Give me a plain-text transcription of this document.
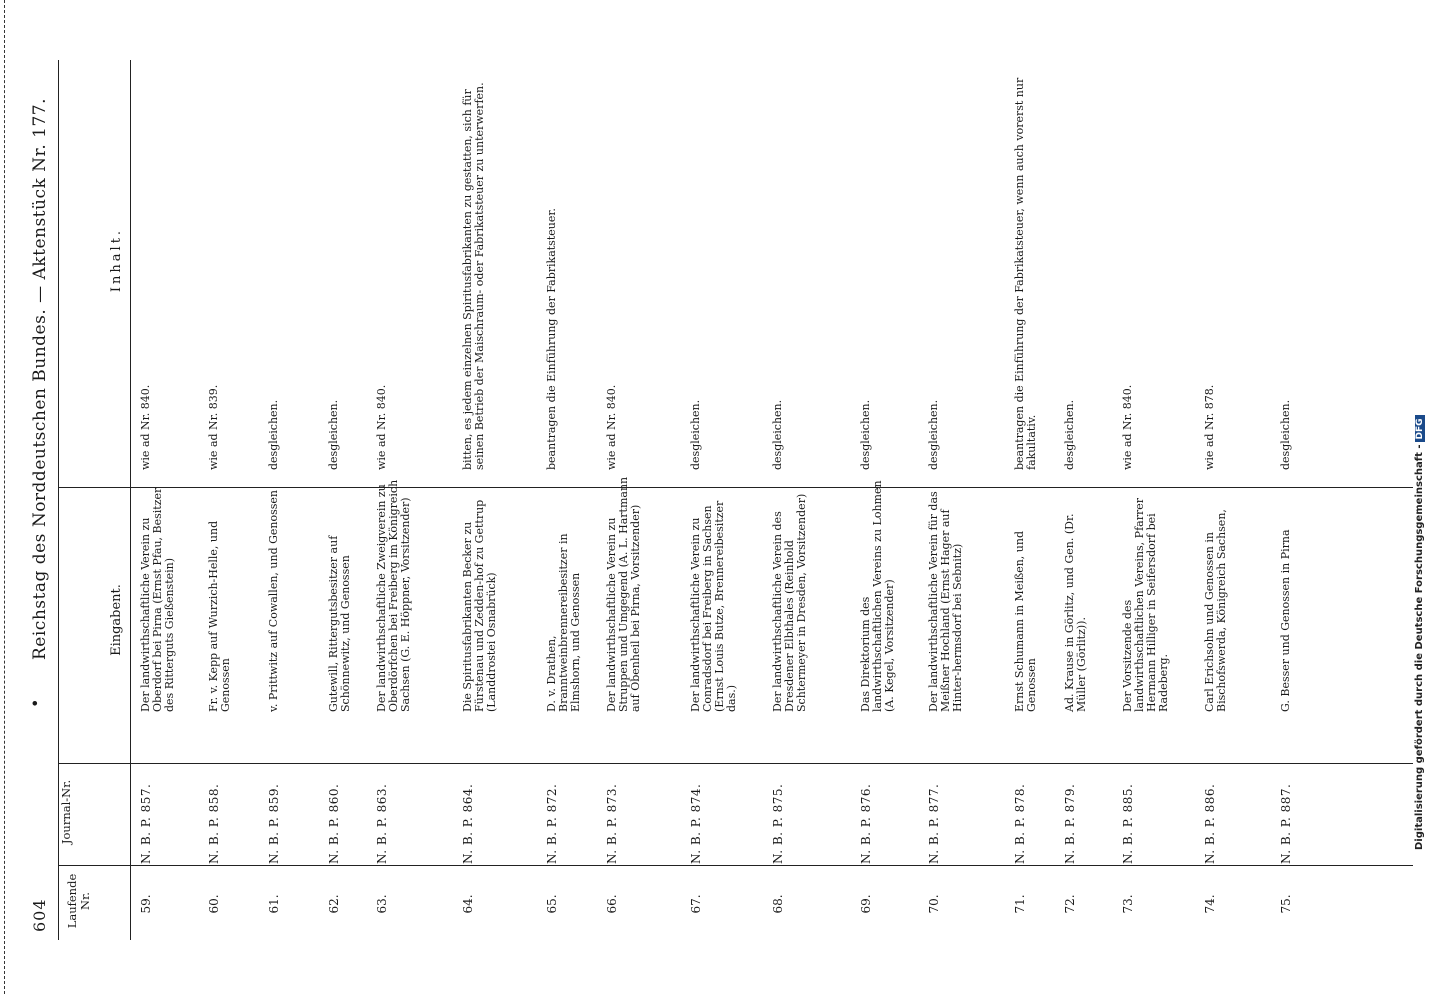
604
•
Reichstag des Norddeutschen Bundes. — Aktenstück Nr. 177.
Laufende Nr.
Journal-Nr.
Eingabent.
Inhalt.
59.
N. B. P. 857.
Der landwirthschaftliche Verein zu Oberdorf bei Pirna (Ernst Pfau, Besitzer des Ritterguts Gießenstein)
wie ad Nr. 840.
60.
N. B. P. 858.
Fr. v. Kepp auf Wurzich-Helle, und Genossen
wie ad Nr. 839.
61.
N. B. P. 859.
v. Prittwitz auf Cowallen, und Genossen
desgleichen.
62.
N. B. P. 860.
Gutewill, Rittergutsbesitzer auf Schönnewitz, und Genossen
desgleichen.
63.
N. B. P. 863.
Der landwirthschaftliche Zweigverein zu Oberdörfchen bei Freiberg im Königreich Sachsen (G. E. Höppner, Vorsitzender)
wie ad Nr. 840.
64.
N. B. P. 864.
Die Spiritusfabrikanten Becker zu Fürstenau und Zedden-hof zu Gettrup (Landdrostei Osnabrück)
bitten, es jedem einzelnen Spiritusfabrikanten zu gestatten, sich für seinen Betrieb der Maischraum- oder Fabrikatsteuer zu unterwerfen.
65.
N. B. P. 872.
D. v. Drathen, Branntweinbrennereibesitzer in Elmshorn, und Genossen
beantragen die Einführung der Fabrikatsteuer.
66.
N. B. P. 873.
Der landwirthschaftliche Verein zu Struppen und Umgegend (A. L. Hartmann auf Obenheil bei Pirna, Vorsitzender)
wie ad Nr. 840.
67.
N. B. P. 874.
Der landwirthschaftliche Verein zu Conradsdorf bei Freiberg in Sachsen (Ernst Louis Butze, Brennereibesitzer das.)
desgleichen.
68.
N. B. P. 875.
Der landwirthschaftliche Verein des Dresdener Elbthales (Reinhold Schtermeyer in Dresden, Vorsitzender)
desgleichen.
69.
N. B. P. 876.
Das Direktorium des landwirthschaftlichen Vereins zu Lohmen (A. Kegel, Vorsitzender)
desgleichen.
70.
N. B. P. 877.
Der landwirthschaftliche Verein für das Meißner Hochland (Ernst Hager auf Hinter-hermsdorf bei Sebnitz)
desgleichen.
71.
N. B. P. 878.
Ernst Schumann in Meißen, und Genossen
beantragen die Einführung der Fabrikatsteuer, wenn auch vorerst nur fakultativ.
72.
N. B. P. 879.
Ad. Krause in Görlitz, und Gen. (Dr. Müller (Görlitz)).
desgleichen.
73.
N. B. P. 885.
Der Vorsitzende des landwirthschaftlichen Vereins, Pfarrer Hermann Hilliger in Seifersdorf bei Radeberg.
wie ad Nr. 840.
74.
N. B. P. 886.
Carl Erichsohn und Genossen in Bischofswerda, Königreich Sachsen,
wie ad Nr. 878.
75.
N. B. P. 887.
G. Besser und Genossen in Pirna
desgleichen.
Digitalisierung gefördert durch die Deutsche Forschungsgemeinschaft -DFG
